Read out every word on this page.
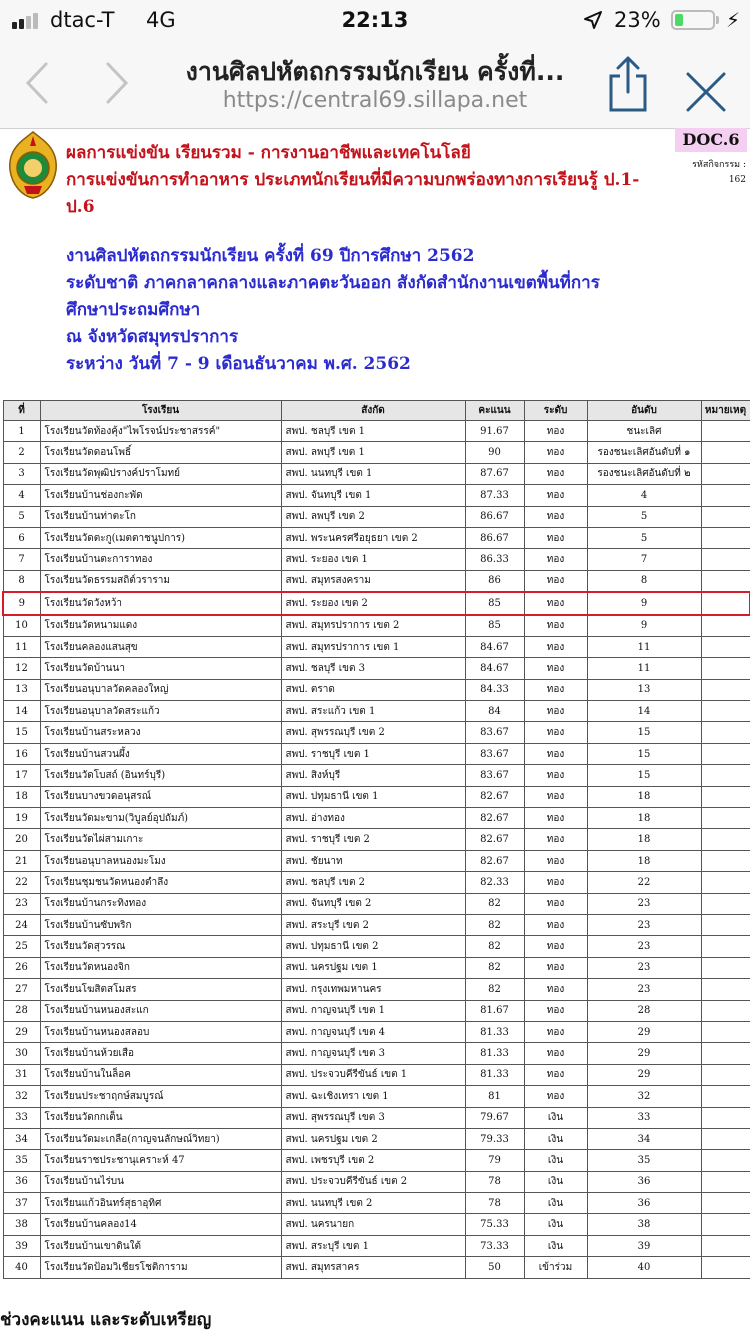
dtac-T 4G	22:13	23%	⚡︎
งานศิลปหัตถกรรมนักเรียน ครั้งที่...
https://central69.sillapa.net
ผลการแข่งขัน เรียนรวม - การงานอาชีพและเทคโนโลยี
การแข่งขันการทำอาหาร ประเภทนักเรียนที่มีความบกพร่องทางการเรียนรู้ ป.1-
ป.6
DOC.6
รหัสกิจกรรม :
162
งานศิลปหัตถกรรมนักเรียน ครั้งที่ 69 ปีการศึกษา 2562
ระดับชาติ ภาคกลาคกลางและภาคตะวันออก สังกัดสำนักงานเขตพื้นที่การ
ศึกษาประถมศึกษา
ณ จังหวัดสมุทรปราการ
ระหว่าง วันที่ 7 - 9 เดือนธันวาคม พ.ศ. 2562
ที่	โรงเรียน	สังกัด	คะแนน	ระดับ	อันดับ	หมายเหตุ
1	โรงเรียนวัดท้องคุ้ง"ไพโรจน์ประชาสรรค์"	สพป. ชลบุรี เขต 1	91.67	ทอง	ชนะเลิศ	
2	โรงเรียนวัดดอนโพธิ์	สพป. ลพบุรี เขต 1	90	ทอง	รองชนะเลิศอันดับที่ ๑	
3	โรงเรียนวัดพุฒิปรางค์ปราโมทย์	สพป. นนทบุรี เขต 1	87.67	ทอง	รองชนะเลิศอันดับที่ ๒	
4	โรงเรียนบ้านช่องกะพัด	สพป. จันทบุรี เขต 1	87.33	ทอง	4	
5	โรงเรียนบ้านท่าตะโก	สพป. ลพบุรี เขต 2	86.67	ทอง	5	
6	โรงเรียนวัดตะกู(เมตตาชนูปการ)	สพป. พระนครศรีอยุธยา เขต 2	86.67	ทอง	5	
7	โรงเรียนบ้านตะการาทอง	สพป. ระยอง เขต 1	86.33	ทอง	7	
8	โรงเรียนวัดธรรมสถิต์วราราม	สพป. สมุทรสงคราม	86	ทอง	8	
9	โรงเรียนวัดวังหว้า	สพป. ระยอง เขต 2	85	ทอง	9	
10	โรงเรียนวัดหนามแดง	สพป. สมุทรปราการ เขต 2	85	ทอง	9	
11	โรงเรียนคลองแสนสุข	สพป. สมุทรปราการ เขต 1	84.67	ทอง	11	
12	โรงเรียนวัดบ้านนา	สพป. ชลบุรี เขต 3	84.67	ทอง	11	
13	โรงเรียนอนุบาลวัดคลองใหญ่	สพป. ตราด	84.33	ทอง	13	
14	โรงเรียนอนุบาลวัดสระแก้ว	สพป. สระแก้ว เขต 1	84	ทอง	14	
15	โรงเรียนบ้านสระหลวง	สพป. สุพรรณบุรี เขต 2	83.67	ทอง	15	
16	โรงเรียนบ้านสวนผึ้ง	สพป. ราชบุรี เขต 1	83.67	ทอง	15	
17	โรงเรียนวัดโบสถ์ (อินทร์บุรี)	สพป. สิงห์บุรี	83.67	ทอง	15	
18	โรงเรียนบางขวดอนุสรณ์	สพป. ปทุมธานี เขต 1	82.67	ทอง	18	
19	โรงเรียนวัดมะขาม(วิบูลย์อุปถัมภ์)	สพป. อ่างทอง	82.67	ทอง	18	
20	โรงเรียนวัดไผ่สามเกาะ	สพป. ราชบุรี เขต 2	82.67	ทอง	18	
21	โรงเรียนอนุบาลหนองมะโมง	สพป. ชัยนาท	82.67	ทอง	18	
22	โรงเรียนชุมชนวัดหนองตำลึง	สพป. ชลบุรี เขต 2	82.33	ทอง	22	
23	โรงเรียนบ้านกระทิงทอง	สพป. จันทบุรี เขต 2	82	ทอง	23	
24	โรงเรียนบ้านซับพริก	สพป. สระบุรี เขต 2	82	ทอง	23	
25	โรงเรียนวัดสุวรรณ	สพป. ปทุมธานี เขต 2	82	ทอง	23	
26	โรงเรียนวัดหนองจิก	สพป. นครปฐม เขต 1	82	ทอง	23	
27	โรงเรียนโฆสิตสโมสร	สพป. กรุงเทพมหานคร	82	ทอง	23	
28	โรงเรียนบ้านหนองสะแก	สพป. กาญจนบุรี เขต 1	81.67	ทอง	28	
29	โรงเรียนบ้านหนองสลอบ	สพป. กาญจนบุรี เขต 4	81.33	ทอง	29	
30	โรงเรียนบ้านห้วยเสือ	สพป. กาญจนบุรี เขต 3	81.33	ทอง	29	
31	โรงเรียนบ้านในล็อค	สพป. ประจวบคีรีขันธ์ เขต 1	81.33	ทอง	29	
32	โรงเรียนประชาฤกษ์สมบูรณ์	สพป. ฉะเชิงเทรา เขต 1	81	ทอง	32	
33	โรงเรียนวัดกกเต็น	สพป. สุพรรณบุรี เขต 3	79.67	เงิน	33	
34	โรงเรียนวัดมะเกลือ(กาญจนลักษณ์วิทยา)	สพป. นครปฐม เขต 2	79.33	เงิน	34	
35	โรงเรียนราชประชานุเคราะห์ 47	สพป. เพชรบุรี เขต 2	79	เงิน	35	
36	โรงเรียนบ้านไร่บน	สพป. ประจวบคีรีขันธ์ เขต 2	78	เงิน	36	
37	โรงเรียนแก้วอินทร์สุธาอุทิศ	สพป. นนทบุรี เขต 2	78	เงิน	36	
38	โรงเรียนบ้านคลอง14	สพป. นครนายก	75.33	เงิน	38	
39	โรงเรียนบ้านเขาดินใต้	สพป. สระบุรี เขต 1	73.33	เงิน	39	
40	โรงเรียนวัดป้อมวิเชียรโชติการาม	สพป. สมุทรสาคร	50	เข้าร่วม	40	
ช่วงคะแนน และระดับเหรียญ
